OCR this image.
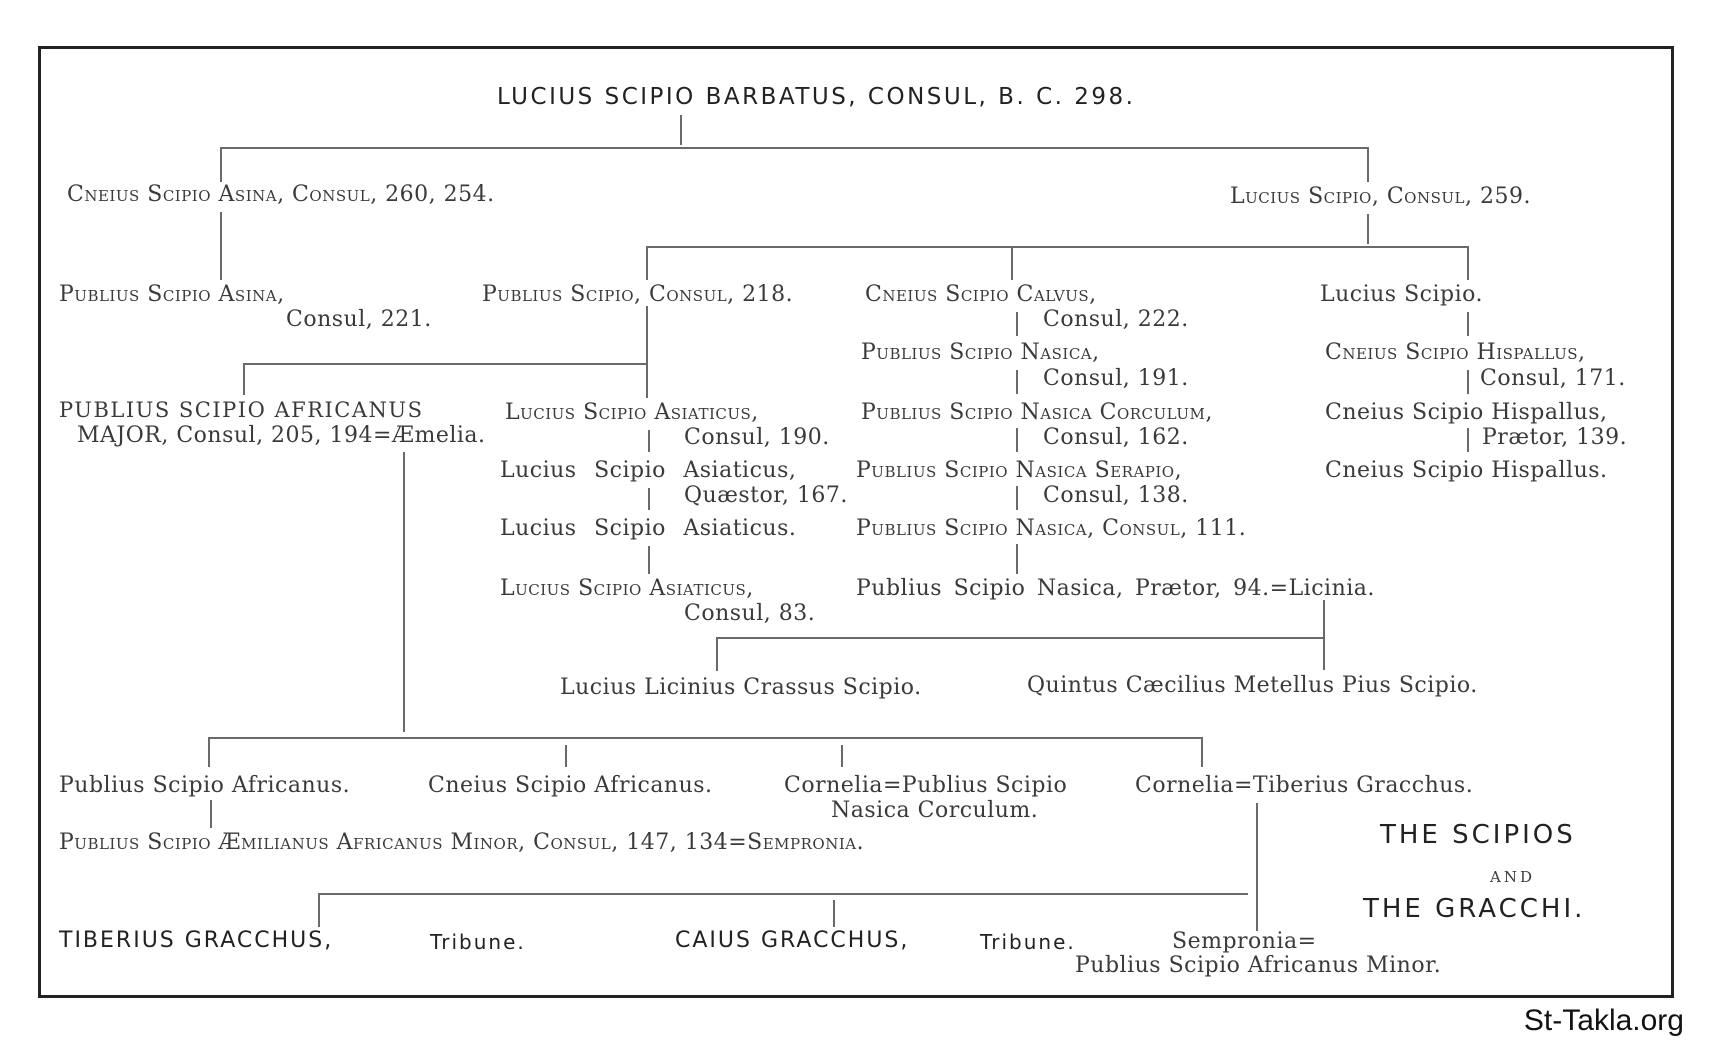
LUCIUS SCIPIO BARBATUS, CONSUL, B. C. 298.
Cneius Scipio Asina, Consul, 260, 254.	Lucius Scipio, Consul, 259.
Publius Scipio Asina,
Consul, 221.
Publius Scipio, Consul, 218.	Cneius Scipio Calvus,
Consul, 222.
Lucius Scipio.
Publius Scipio Nasica,
Consul, 191.
Cneius Scipio Hispallus,
Consul, 171.
PUBLIUS SCIPIO AFRICANUS
MAJOR, Consul, 205, 194=Æmelia.
Lucius Scipio Asiaticus,
Consul, 190.
Publius Scipio Nasica Corculum,
Consul, 162.
Cneius Scipio Hispallus,
Prætor, 139.
Lucius Scipio Asiaticus,
Quæstor, 167.
Publius Scipio Nasica Serapio,
Consul, 138.
Cneius Scipio Hispallus.
Lucius Scipio Asiaticus.	Publius Scipio Nasica, Consul, 111.
Lucius Scipio Asiaticus,
Consul, 83.
Publius Scipio Nasica, Prætor, 94.=Licinia.
Lucius Licinius Crassus Scipio.	Quintus Cæcilius Metellus Pius Scipio.
Publius Scipio Africanus.	Cneius Scipio Africanus.	Cornelia=Publius Scipio
Nasica Corculum.
Cornelia=Tiberius Gracchus.
Publius Scipio Æmilianus Africanus Minor, Consul, 147, 134=Sempronia.
TIBERIUS GRACCHUS,	Tribune.	CAIUS GRACCHUS,	Tribune.	Sempronia=
Publius Scipio Africanus Minor.
THE SCIPIOS
AND
THE GRACCHI.
St-Takla.org
